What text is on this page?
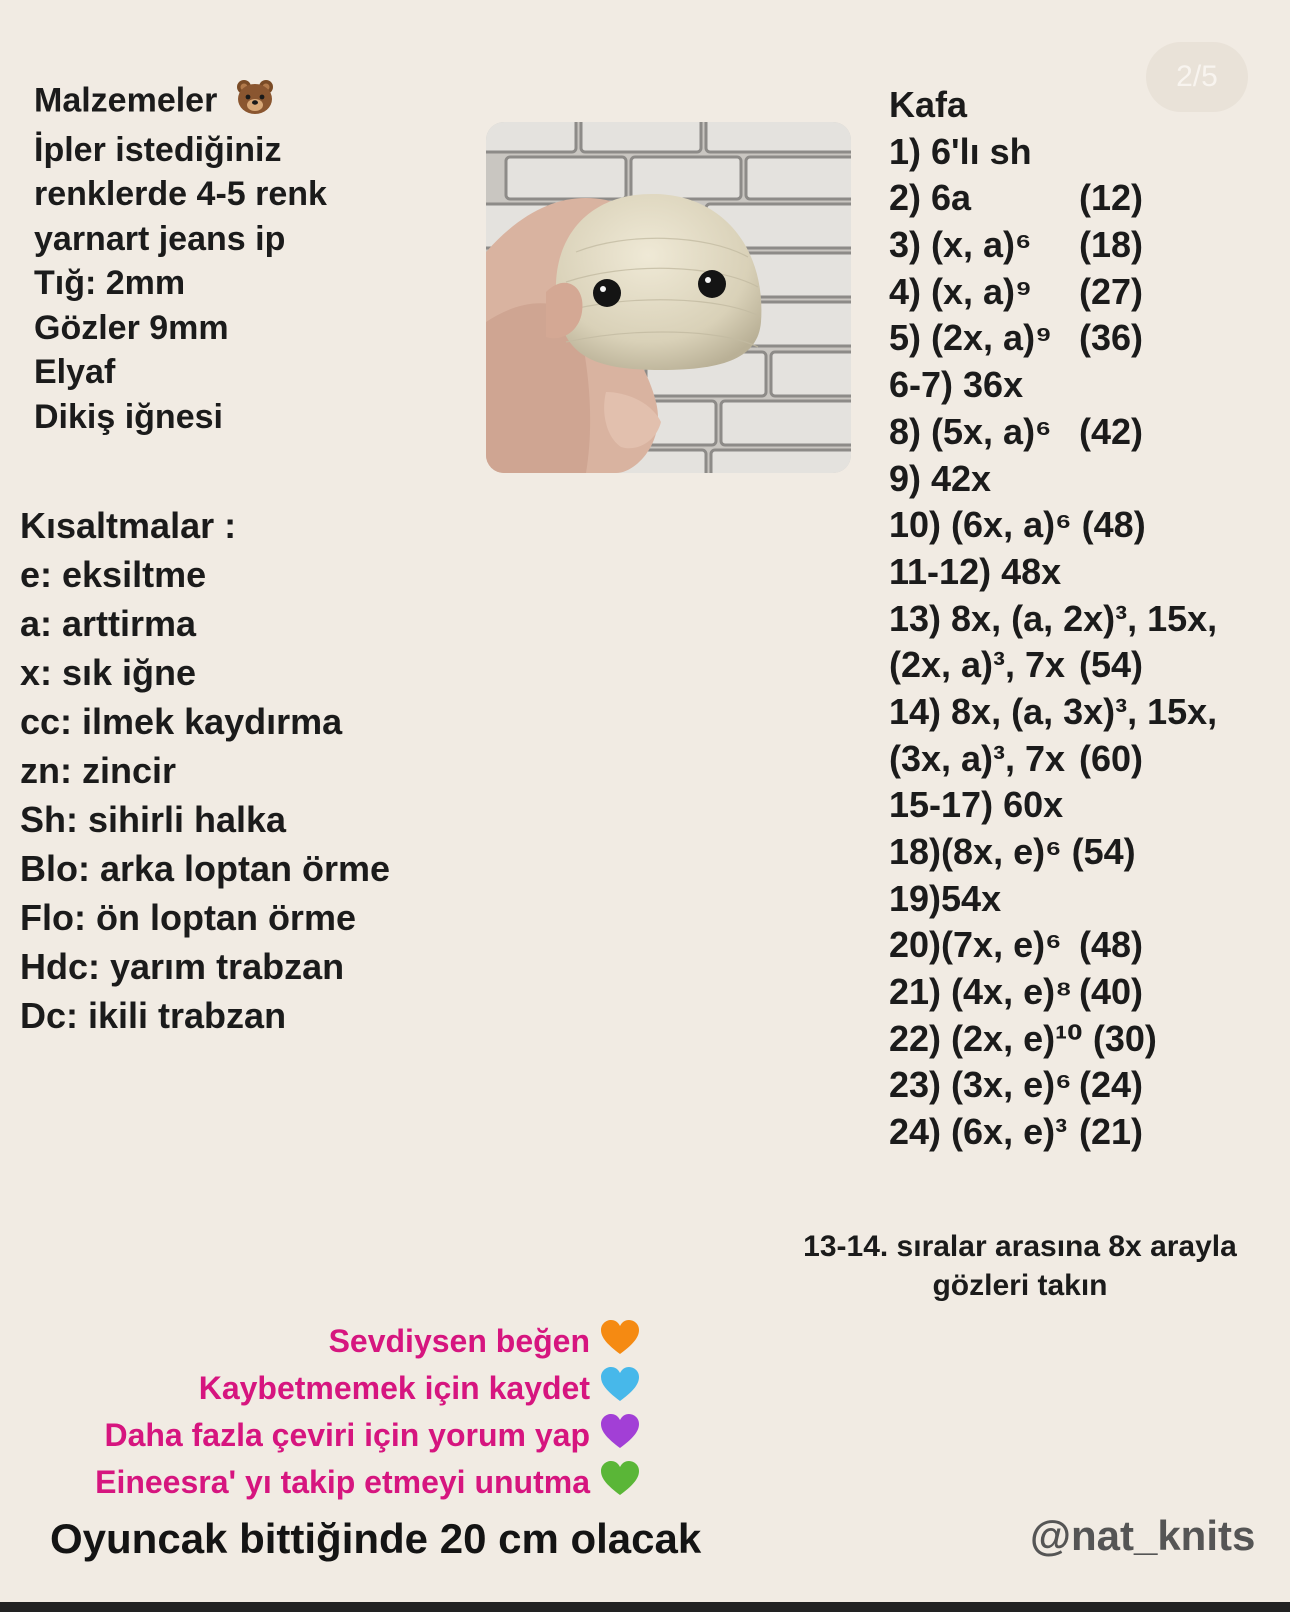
2/5
Malzemeler
İpler istediğiniz
renklerde 4-5 renk
yarnart jeans ip
Tığ: 2mm
Gözler 9mm
Elyaf
Dikiş iğnesi
Kısaltmalar :
e: eksiltme
a: arttirma
x: sık iğne
cc: ilmek kaydırma
zn: zincir
Sh: sihirli halka
Blo: arka loptan örme
Flo: ön loptan örme
Hdc: yarım trabzan
Dc: ikili trabzan
Kafa
1) 6'lı sh
2) 6a	(12)
3) (x, a)⁶ (18)
4) (x, a)⁹ (27)
5) (2x, a)⁹ (36)
6-7) 36x
8) (5x, a)⁶ (42)
9) 42x
10) (6x, a)⁶ (48)
11-12) 48x
13) 8x, (a, 2x)³, 15x,
(2x, a)³, 7x (54)
14) 8x, (a, 3x)³, 15x,
(3x, a)³, 7x (60)
15-17) 60x
18)(8x, e)⁶ (54)
19)54x
20)(7x, e)⁶ (48)
21) (4x, e)⁸ (40)
22) (2x, e)¹⁰ (30)
23) (3x, e)⁶ (24)
24) (6x, e)³ (21)
13-14. sıralar arasına 8x arayla
gözleri takın
Sevdiysen beğen
Kaybetmemek için kaydet
Daha fazla çeviri için yorum yap
Eineesra' yı takip etmeyi unutma
Oyuncak bittiğinde 20 cm olacak	@nat_knits
